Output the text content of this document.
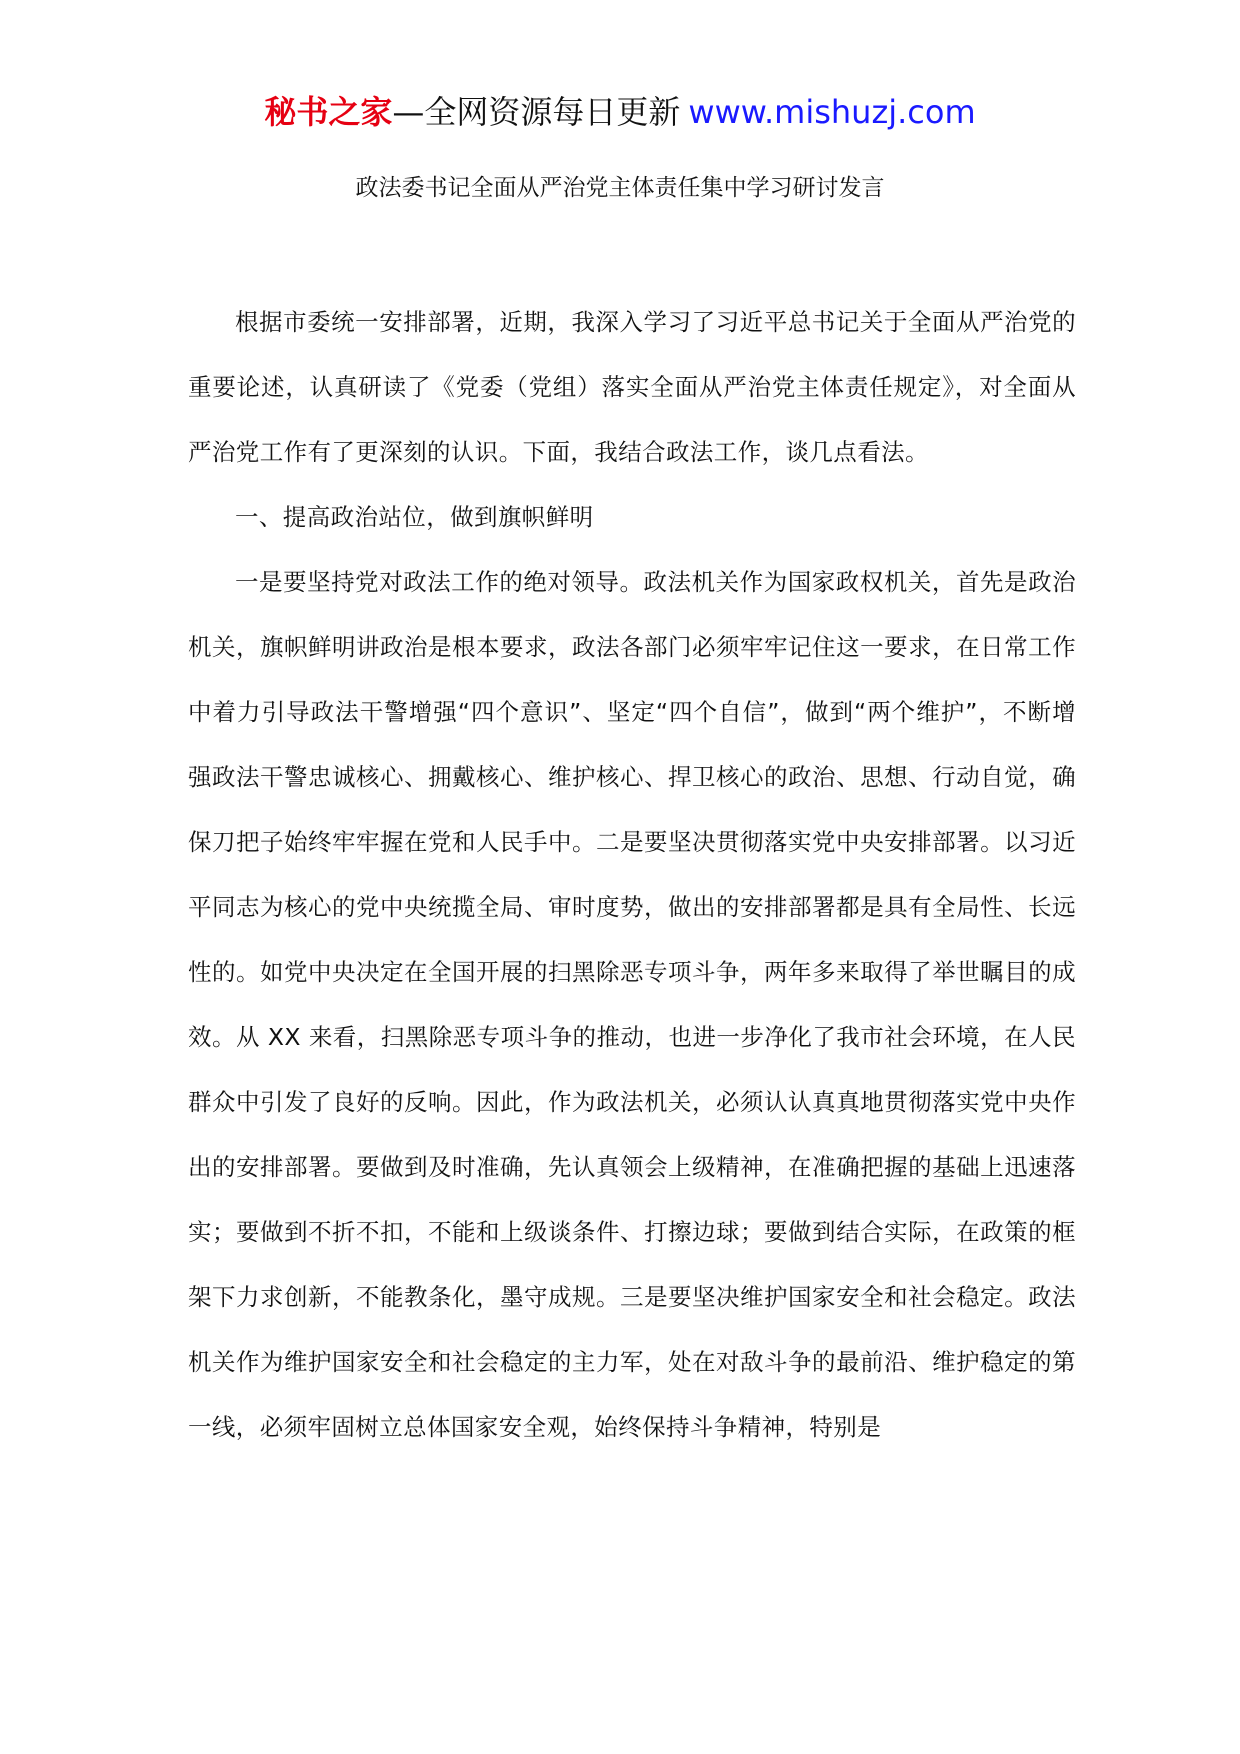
秘书之家—全网资源每日更新 www.mishuzj.com
政法委书记全面从严治党主体责任集中学习研讨发言

根据市委统一安排部署，近期，我深入学习了习近平总书记关于全面从严治党的重要论述，认真研读了《党委（党组）落实全面从严治党主体责任规定》，对全面从严治党工作有了更深刻的认识。下面，我结合政法工作，谈几点看法。

一、提高政治站位，做到旗帜鲜明

一是要坚持党对政法工作的绝对领导。政法机关作为国家政权机关，首先是政治机关，旗帜鲜明讲政治是根本要求，政法各部门必须牢牢记住这一要求，在日常工作中着力引导政法干警增强“四个意识”、坚定“四个自信”，做到“两个维护”，不断增强政法干警忠诚核心、拥戴核心、维护核心、捍卫核心的政治、思想、行动自觉，确保刀把子始终牢牢握在党和人民手中。二是要坚决贯彻落实党中央安排部署。以习近平同志为核心的党中央统揽全局、审时度势，做出的安排部署都是具有全局性、长远性的。如党中央决定在全国开展的扫黑除恶专项斗争，两年多来取得了举世瞩目的成效。从 XX 来看，扫黑除恶专项斗争的推动，也进一步净化了我市社会环境，在人民群众中引发了良好的反响。因此，作为政法机关，必须认认真真地贯彻落实党中央作出的安排部署。要做到及时准确，先认真领会上级精神，在准确把握的基础上迅速落实；要做到不折不扣，不能和上级谈条件、打擦边球；要做到结合实际，在政策的框架下力求创新，不能教条化，墨守成规。三是要坚决维护国家安全和社会稳定。政法机关作为维护国家安全和社会稳定的主力军，处在对敌斗争的最前沿、维护稳定的第一线，必须牢固树立总体国家安全观，始终保持斗争精神，特别是
